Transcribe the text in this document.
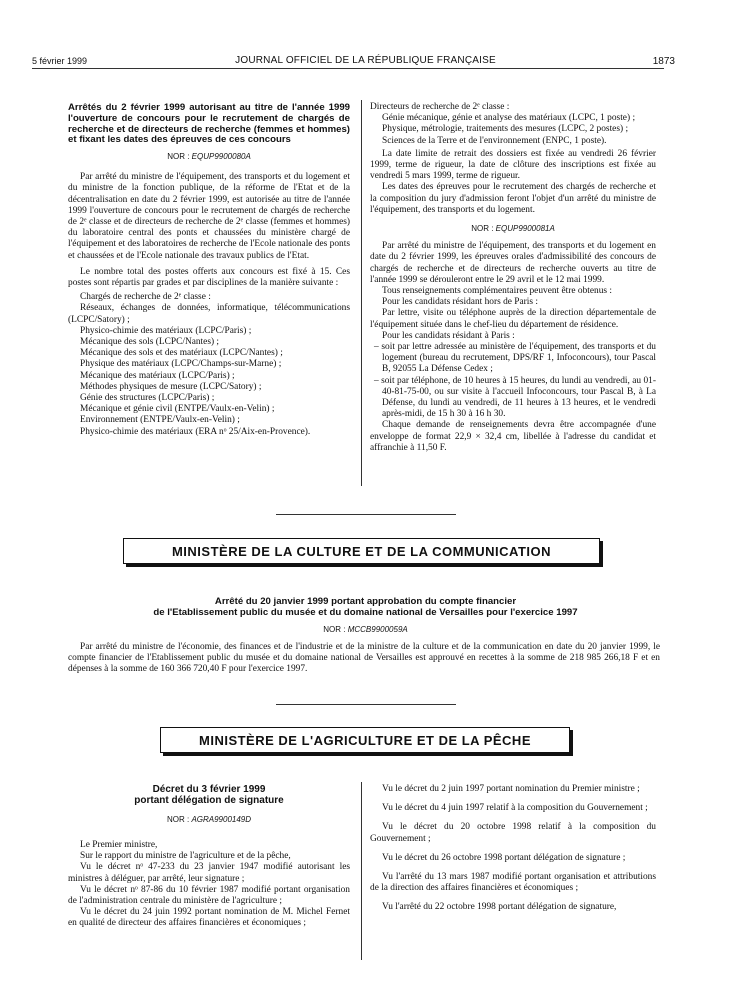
5 février 1999	JOURNAL OFFICIEL DE LA RÉPUBLIQUE FRANÇAISE	1873
Arrêtés du 2 février 1999 autorisant au titre de l'année 1999 l'ouverture de concours pour le recrutement de chargés de recherche et de directeurs de recherche (femmes et hommes) et fixant les dates des épreuves de ces concours
NOR : EQUP9900080A

Par arrêté du ministre de l'équipement, des transports et du logement et du ministre de la fonction publique, de la réforme de l'Etat et de la décentralisation en date du 2 février 1999, est autorisée au titre de l'année 1999 l'ouverture de concours pour le recrutement de chargés de recherche de 2ᵉ classe et de directeurs de recherche de 2ᵉ classe (femmes et hommes) du laboratoire central des ponts et chaussées du ministère chargé de l'équipement et des laboratoires de recherche de l'Ecole nationale des ponts et chaussées et de l'Ecole nationale des travaux publics de l'Etat.

Le nombre total des postes offerts aux concours est fixé à 15. Ces postes sont répartis par grades et par disciplines de la manière suivante :

Chargés de recherche de 2ᵉ classe :

Réseaux, échanges de données, informatique, télécommunications (LCPC/Satory) ;

Physico-chimie des matériaux (LCPC/Paris) ;

Mécanique des sols (LCPC/Nantes) ;

Mécanique des sols et des matériaux (LCPC/Nantes) ;

Physique des matériaux (LCPC/Champs-sur-Marne) ;

Mécanique des matériaux (LCPC/Paris) ;

Méthodes physiques de mesure (LCPC/Satory) ;

Génie des structures (LCPC/Paris) ;

Mécanique et génie civil (ENTPE/Vaulx-en-Velin) ;

Environnement (ENTPE/Vaulx-en-Velin) ;

Physico-chimie des matériaux (ERA nᵒ 25/Aix-en-Provence).

Directeurs de recherche de 2ᵉ classe :

Génie mécanique, génie et analyse des matériaux (LCPC, 1 poste) ;

Physique, métrologie, traitements des mesures (LCPC, 2 postes) ;

Sciences de la Terre et de l'environnement (ENPC, 1 poste).

La date limite de retrait des dossiers est fixée au vendredi 26 février 1999, terme de rigueur, la date de clôture des inscriptions est fixée au vendredi 5 mars 1999, terme de rigueur.

Les dates des épreuves pour le recrutement des chargés de recherche et la composition du jury d'admission feront l'objet d'un arrêté du ministre de l'équipement, des transports et du logement.

NOR : EQUP9900081A

Par arrêté du ministre de l'équipement, des transports et du logement en date du 2 février 1999, les épreuves orales d'admissibilité des concours de chargés de recherche et de directeurs de recherche ouverts au titre de l'année 1999 se dérouleront entre le 29 avril et le 12 mai 1999.

Tous renseignements complémentaires peuvent être obtenus :

Pour les candidats résidant hors de Paris :

Par lettre, visite ou téléphone auprès de la direction départementale de l'équipement située dans le chef-lieu du département de résidence.

Pour les candidats résidant à Paris :

– soit par lettre adressée au ministère de l'équipement, des transports et du logement (bureau du recrutement, DPS/RF 1, Infoconcours), tour Pascal B, 92055 La Défense Cedex ;

– soit par téléphone, de 10 heures à 15 heures, du lundi au vendredi, au 01-40-81-75-00, ou sur visite à l'accueil Infoconcours, tour Pascal B, à La Défense, du lundi au vendredi, de 11 heures à 13 heures, et le vendredi après-midi, de 15 h 30 à 16 h 30.

Chaque demande de renseignements devra être accompagnée d'une enveloppe de format 22,9 × 32,4 cm, libellée à l'adresse du candidat et affranchie à 11,50 F.

MINISTÈRE DE LA CULTURE ET DE LA COMMUNICATION
Arrêté du 20 janvier 1999 portant approbation du compte financier
de l'Etablissement public du musée et du domaine national de Versailles pour l'exercice 1997
NOR : MCCB9900059A
Par arrêté du ministre de l'économie, des finances et de l'industrie et de la ministre de la culture et de la communication en date du 20 janvier 1999, le compte financier de l'Etablissement public du musée et du domaine national de Versailles est approuvé en recettes à la somme de 218 985 266,18 F et en dépenses à la somme de 160 366 720,40 F pour l'exercice 1997.
MINISTÈRE DE L'AGRICULTURE ET DE LA PÊCHE
Décret du 3 février 1999
portant délégation de signature
NOR : AGRA9900149D

Le Premier ministre,

Sur le rapport du ministre de l'agriculture et de la pêche,

Vu le décret nᵒ 47-233 du 23 janvier 1947 modifié autorisant les ministres à déléguer, par arrêté, leur signature ;

Vu le décret nᵒ 87-86 du 10 février 1987 modifié portant organisation de l'administration centrale du ministère de l'agriculture ;

Vu le décret du 24 juin 1992 portant nomination de M. Michel Fernet en qualité de directeur des affaires financières et économiques ;

Vu le décret du 2 juin 1997 portant nomination du Premier ministre ;

Vu le décret du 4 juin 1997 relatif à la composition du Gouvernement ;

Vu le décret du 20 octobre 1998 relatif à la composition du Gouvernement ;

Vu le décret du 26 octobre 1998 portant délégation de signature ;

Vu l'arrêté du 13 mars 1987 modifié portant organisation et attributions de la direction des affaires financières et économiques ;

Vu l'arrêté du 22 octobre 1998 portant délégation de signature,
